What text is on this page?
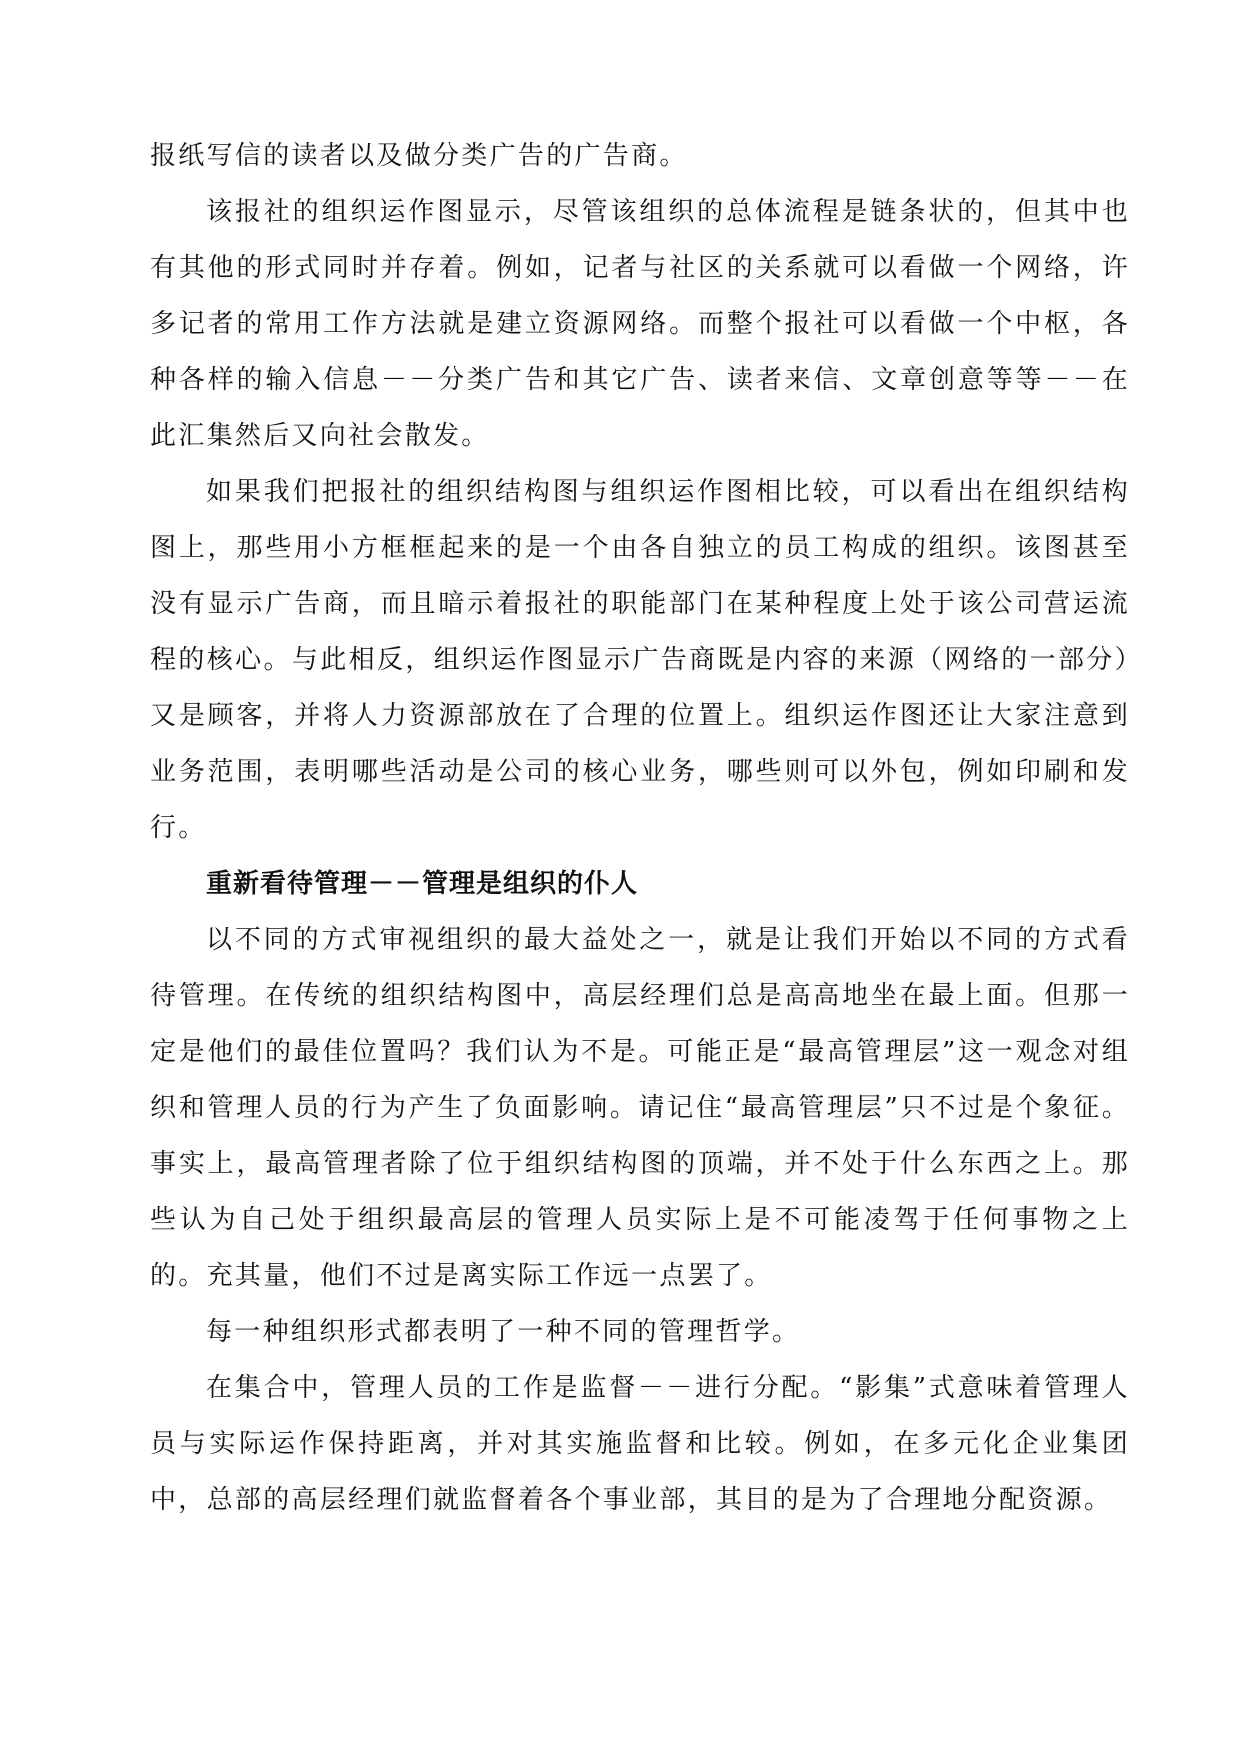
报纸写信的读者以及做分类广告的广告商。

该报社的组织运作图显示，尽管该组织的总体流程是链条状的，但其中也有其他的形式同时并存着。例如，记者与社区的关系就可以看做一个网络，许多记者的常用工作方法就是建立资源网络。而整个报社可以看做一个中枢，各种各样的输入信息－－分类广告和其它广告、读者来信、文章创意等等－－在此汇集然后又向社会散发。

如果我们把报社的组织结构图与组织运作图相比较，可以看出在组织结构图上，那些用小方框框起来的是一个由各自独立的员工构成的组织。该图甚至没有显示广告商，而且暗示着报社的职能部门在某种程度上处于该公司营运流程的核心。与此相反，组织运作图显示广告商既是内容的来源（网络的一部分）又是顾客，并将人力资源部放在了合理的位置上。组织运作图还让大家注意到业务范围，表明哪些活动是公司的核心业务，哪些则可以外包，例如印刷和发行。

重新看待管理－－管理是组织的仆人

以不同的方式审视组织的最大益处之一，就是让我们开始以不同的方式看待管理。在传统的组织结构图中，高层经理们总是高高地坐在最上面。但那一定是他们的最佳位置吗？我们认为不是。可能正是“最高管理层”这一观念对组织和管理人员的行为产生了负面影响。请记住“最高管理层”只不过是个象征。事实上，最高管理者除了位于组织结构图的顶端，并不处于什么东西之上。那些认为自己处于组织最高层的管理人员实际上是不可能凌驾于任何事物之上的。充其量，他们不过是离实际工作远一点罢了。

每一种组织形式都表明了一种不同的管理哲学。

在集合中，管理人员的工作是监督－－进行分配。“影集”式意味着管理人员与实际运作保持距离，并对其实施监督和比较。例如，在多元化企业集团中，总部的高层经理们就监督着各个事业部，其目的是为了合理地分配资源。
